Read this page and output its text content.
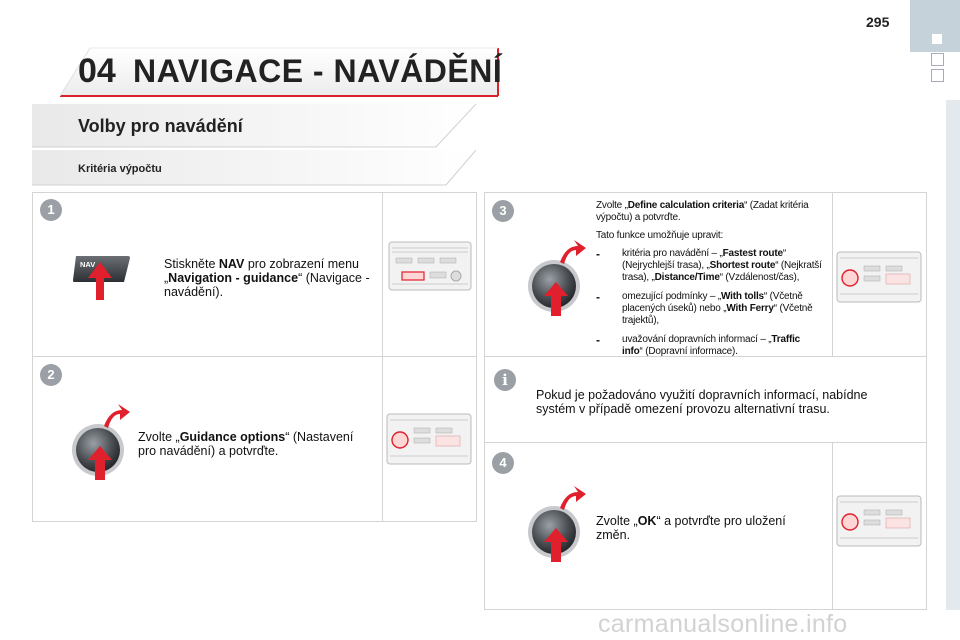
295
04 NAVIGACE - NAVÁDĚNÍ
Volby pro navádění
Kritéria výpočtu
1
NAV	Stiskněte NAV pro zobrazení menu „Navigation - guidance“ (Navigace - navádění).
2
Zvolte „Guidance options“ (Nastavení pro navádění) a potvrďte.
3	Zvolte „Define calculation criteria“ (Zadat kritéria výpočtu) a potvrďte.

Tato funkce umožňuje upravit:

- kritéria pro navádění – „Fastest route“ (Nejrychlejší trasa), „Shortest route“ (Nejkratší trasa), „Distance/Time“ (Vzdálenost/čas),
- omezující podmínky – „With tolls“ (Včetně placených úseků) nebo „With Ferry“ (Včetně trajektů),
- uvažování dopravních informací – „Traffic info“ (Dopravní informace).
i
Pokud je požadováno využití dopravních informací, nabídne systém v případě omezení provozu alternativní trasu.
4
Zvolte „OK“ a potvrďte pro uložení změn.
carmanualsonline.info
